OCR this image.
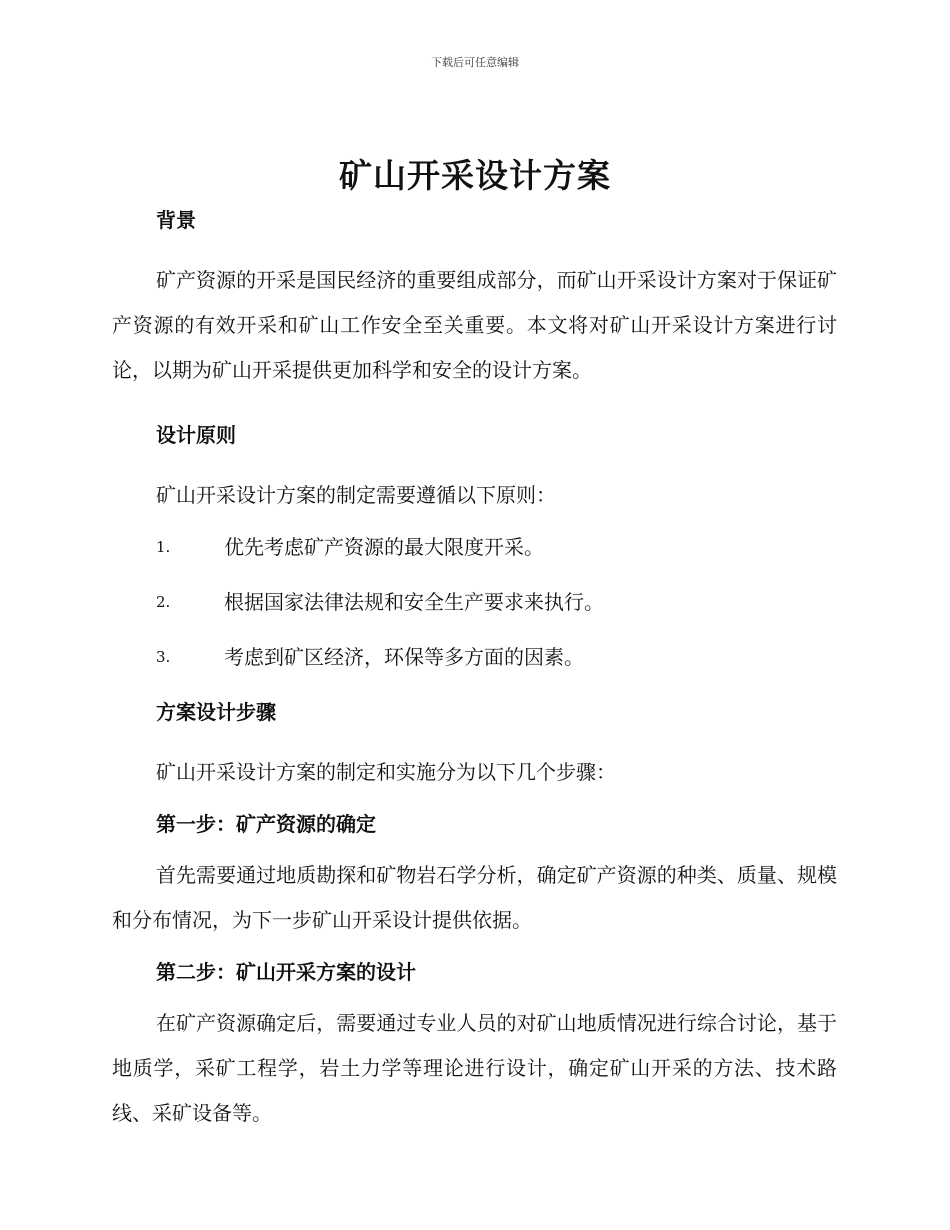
下载后可任意编辑
矿山开采设计方案
背景

矿产资源的开采是国民经济的重要组成部分，而矿山开采设计方案对于保证矿产资源的有效开采和矿山工作安全至关重要。本文将对矿山开采设计方案进行讨论，以期为矿山开采提供更加科学和安全的设计方案。

设计原则

矿山开采设计方案的制定需要遵循以下原则：

1.	优先考虑矿产资源的最大限度开采。
2.	根据国家法律法规和安全生产要求来执行。
3.	考虑到矿区经济，环保等多方面的因素。
方案设计步骤

矿山开采设计方案的制定和实施分为以下几个步骤：

第一步：矿产资源的确定

首先需要通过地质勘探和矿物岩石学分析，确定矿产资源的种类、质量、规模和分布情况，为下一步矿山开采设计提供依据。

第二步：矿山开采方案的设计

在矿产资源确定后，需要通过专业人员的对矿山地质情况进行综合讨论，基于地质学，采矿工程学，岩土力学等理论进行设计，确定矿山开采的方法、技术路线、采矿设备等。
